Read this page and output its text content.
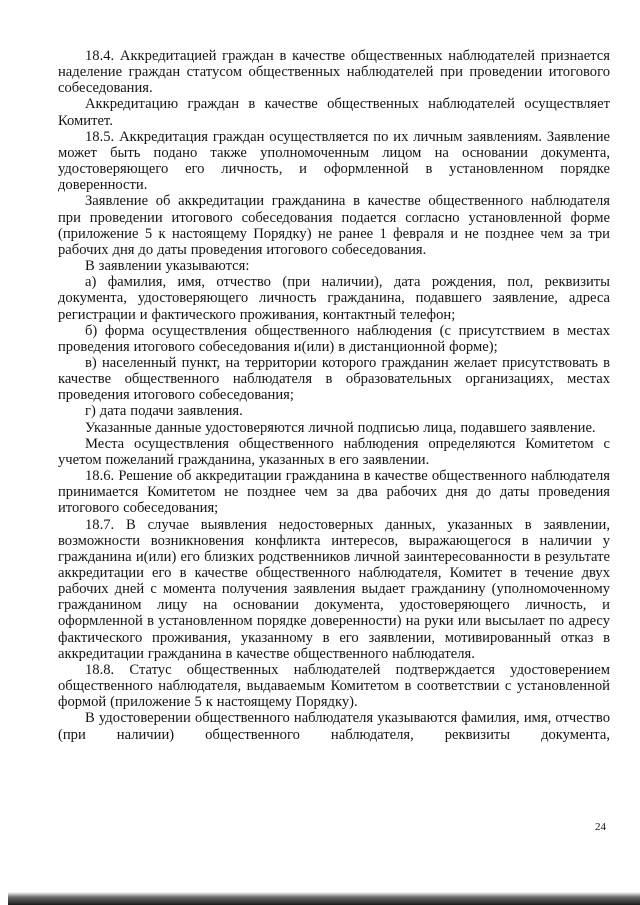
18.4. Аккредитацией граждан в качестве общественных наблюдателей признается наделение граждан статусом общественных наблюдателей при проведении итогового собеседования.

Аккредитацию граждан в качестве общественных наблюдателей осуществляет Комитет.

18.5. Аккредитация граждан осуществляется по их личным заявлениям. Заявление может быть подано также уполномоченным лицом на основании документа, удостоверяющего его личность, и оформленной в установленном порядке доверенности.

Заявление об аккредитации гражданина в качестве общественного наблюдателя при проведении итогового собеседования подается согласно установленной форме (приложение 5 к настоящему Порядку) не ранее 1 февраля и не позднее чем за три рабочих дня до даты проведения итогового собеседования.

В заявлении указываются:

а) фамилия, имя, отчество (при наличии), дата рождения, пол, реквизиты документа, удостоверяющего личность гражданина, подавшего заявление, адреса регистрации и фактического проживания, контактный телефон;

б) форма осуществления общественного наблюдения (с присутствием в местах проведения итогового собеседования и(или) в дистанционной форме);

в) населенный пункт, на территории которого гражданин желает присутствовать в качестве общественного наблюдателя в образовательных организациях, местах проведения итогового собеседования;

г) дата подачи заявления.

Указанные данные удостоверяются личной подписью лица, подавшего заявление.

Места осуществления общественного наблюдения определяются Комитетом с учетом пожеланий гражданина, указанных в его заявлении.

18.6. Решение об аккредитации гражданина в качестве общественного наблюдателя принимается Комитетом не позднее чем за два рабочих дня до даты проведения итогового собеседования;

18.7. В случае выявления недостоверных данных, указанных в заявлении, возможности возникновения конфликта интересов, выражающегося в наличии у гражданина и(или) его близких родственников личной заинтересованности в результате аккредитации его в качестве общественного наблюдателя, Комитет в течение двух рабочих дней с момента получения заявления выдает гражданину (уполномоченному гражданином лицу на основании документа, удостоверяющего личность, и оформленной в установленном порядке доверенности) на руки или высылает по адресу фактического проживания, указанному в его заявлении, мотивированный отказ в аккредитации гражданина в качестве общественного наблюдателя.

18.8. Статус общественных наблюдателей подтверждается удостоверением общественного наблюдателя, выдаваемым Комитетом в соответствии с установленной формой (приложение 5 к настоящему Порядку).

В удостоверении общественного наблюдателя указываются фамилия, имя, отчество (при наличии) общественного наблюдателя, реквизиты документа,

24
